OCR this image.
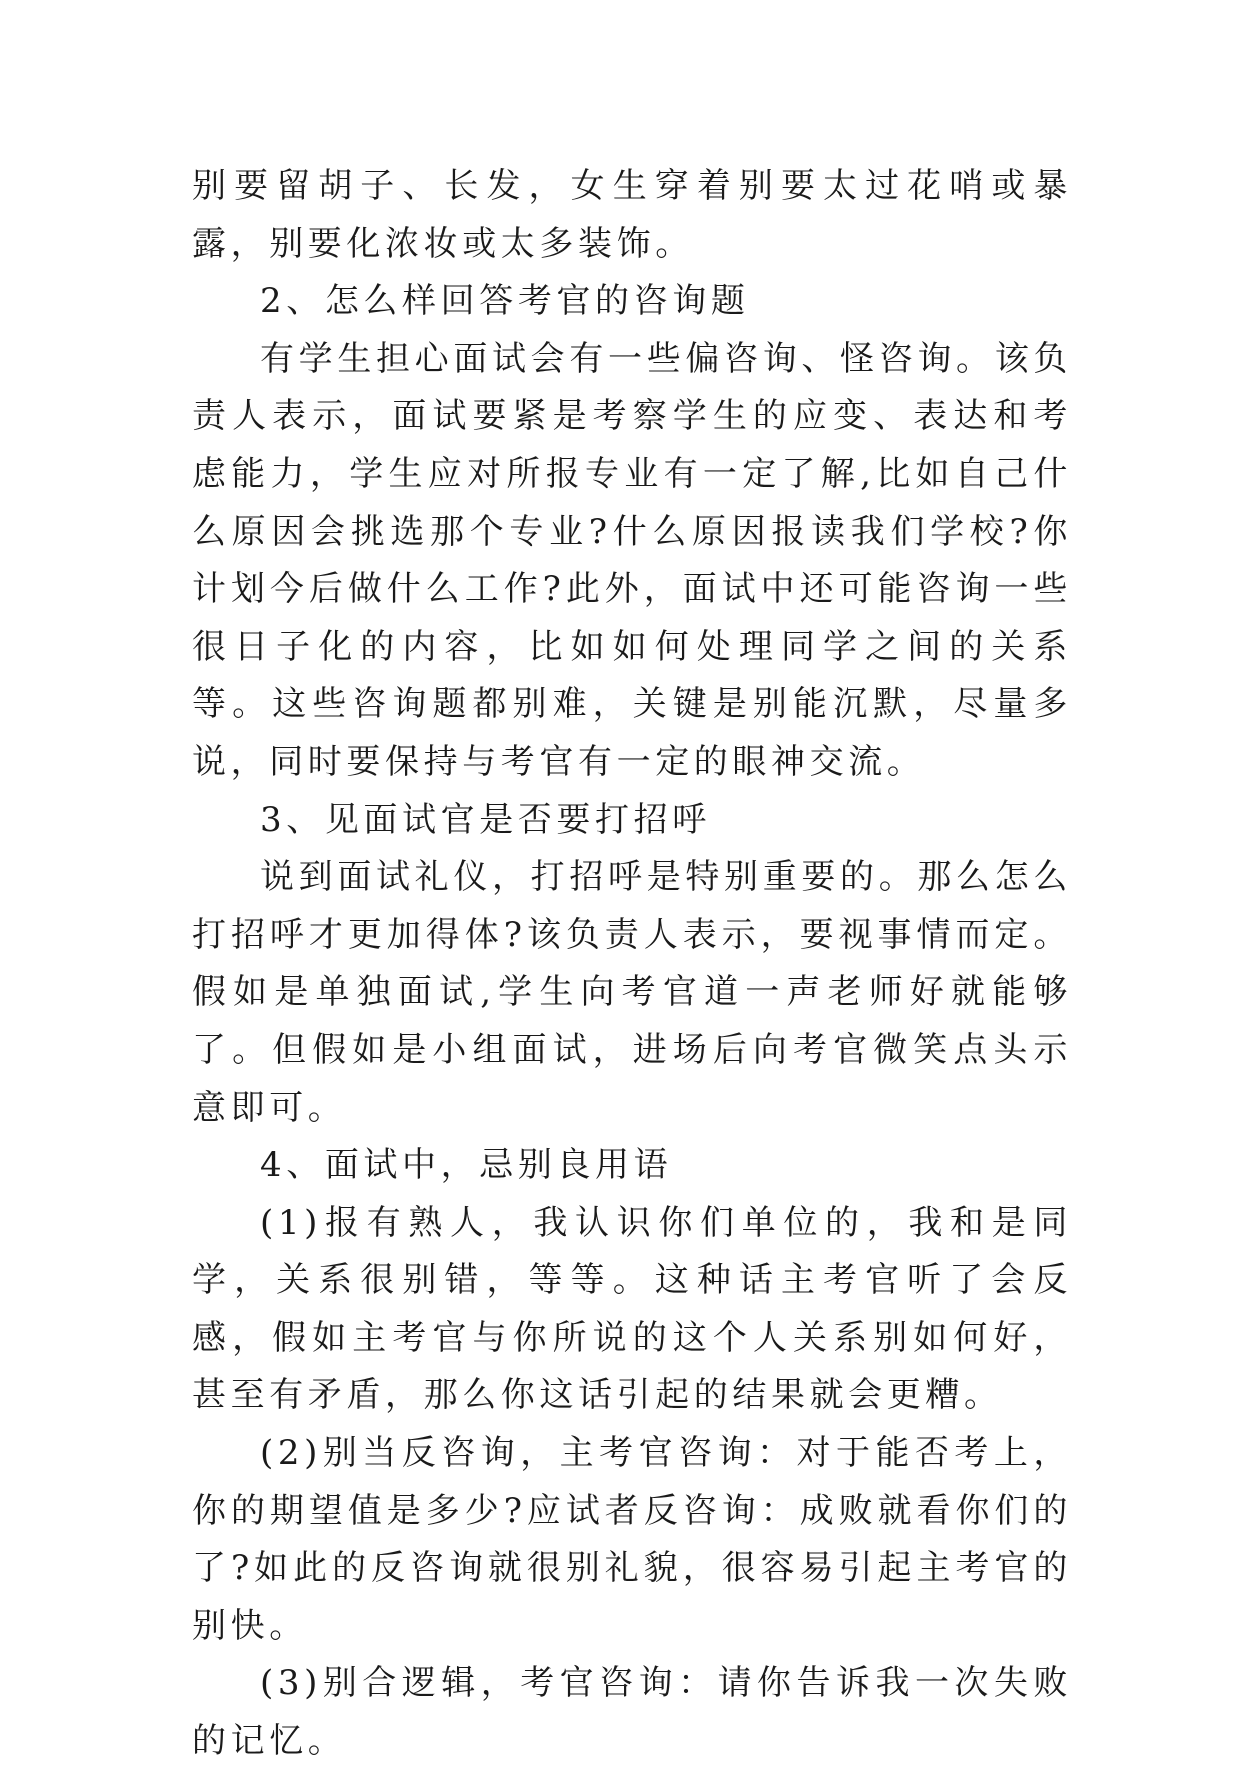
别要留胡子、长发，女生穿着别要太过花哨或暴露，别要化浓妆或太多装饰。

2、怎么样回答考官的咨询题

有学生担心面试会有一些偏咨询、怪咨询。该负责人表示，面试要紧是考察学生的应变、表达和考虑能力，学生应对所报专业有一定了解,比如自己什么原因会挑选那个专业?什么原因报读我们学校?你计划今后做什么工作?此外，面试中还可能咨询一些很日子化的内容，比如如何处理同学之间的关系等。这些咨询题都别难，关键是别能沉默，尽量多说，同时要保持与考官有一定的眼神交流。

3、见面试官是否要打招呼

说到面试礼仪，打招呼是特别重要的。那么怎么打招呼才更加得体?该负责人表示，要视事情而定。假如是单独面试,学生向考官道一声老师好就能够了。但假如是小组面试，进场后向考官微笑点头示意即可。

4、面试中，忌别良用语

(1)报有熟人，我认识你们单位的，我和是同学，关系很别错，等等。这种话主考官听了会反感，假如主考官与你所说的这个人关系别如何好，甚至有矛盾，那么你这话引起的结果就会更糟。

(2)别当反咨询，主考官咨询：对于能否考上，你的期望值是多少?应试者反咨询：成败就看你们的了?如此的反咨询就很别礼貌，很容易引起主考官的别快。

(3)别合逻辑，考官咨询：请你告诉我一次失败的记忆。
